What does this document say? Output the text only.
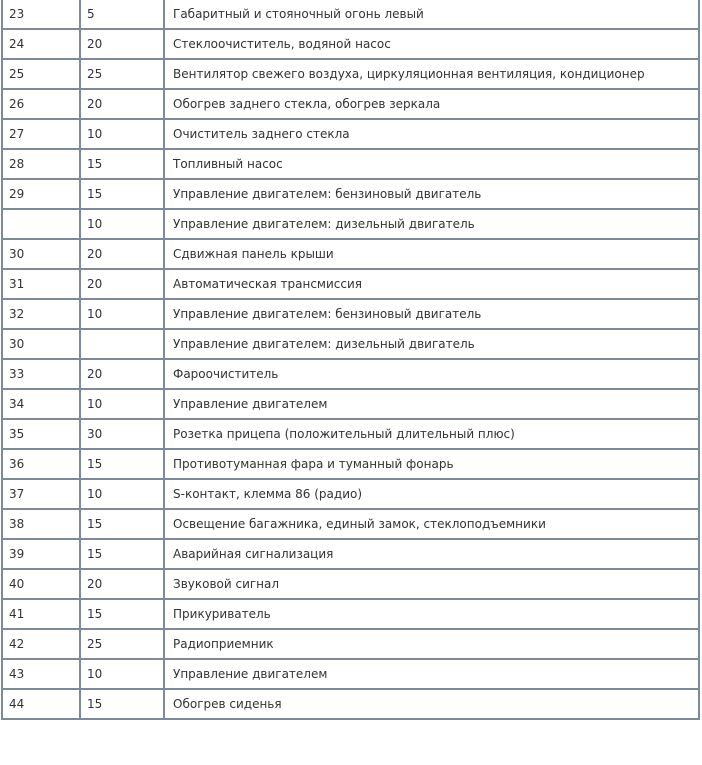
23	5	Габаритный и стояночный огонь левый
24	20	Стеклоочиститель, водяной насос
25	25	Вентилятор свежего воздуха, циркуляционная вентиляция, кондиционер
26	20	Обогрев заднего стекла, обогрев зеркала
27	10	Очиститель заднего стекла
28	15	Топливный насос
29	15	Управление двигателем: бензиновый двигатель
	10	Управление двигателем: дизельный двигатель
30	20	Сдвижная панель крыши
31	20	Автоматическая трансмиссия
32	10	Управление двигателем: бензиновый двигатель
30		Управление двигателем: дизельный двигатель
33	20	Фароочиститель
34	10	Управление двигателем
35	30	Розетка прицепа (положительный длительный плюс)
36	15	Противотуманная фара и туманный фонарь
37	10	S-контакт, клемма 86 (радио)
38	15	Освещение багажника, единый замок, стеклоподъемники
39	15	Аварийная сигнализация
40	20	Звуковой сигнал
41	15	Прикуриватель
42	25	Радиоприемник
43	10	Управление двигателем
44	15	Обогрев сиденья
